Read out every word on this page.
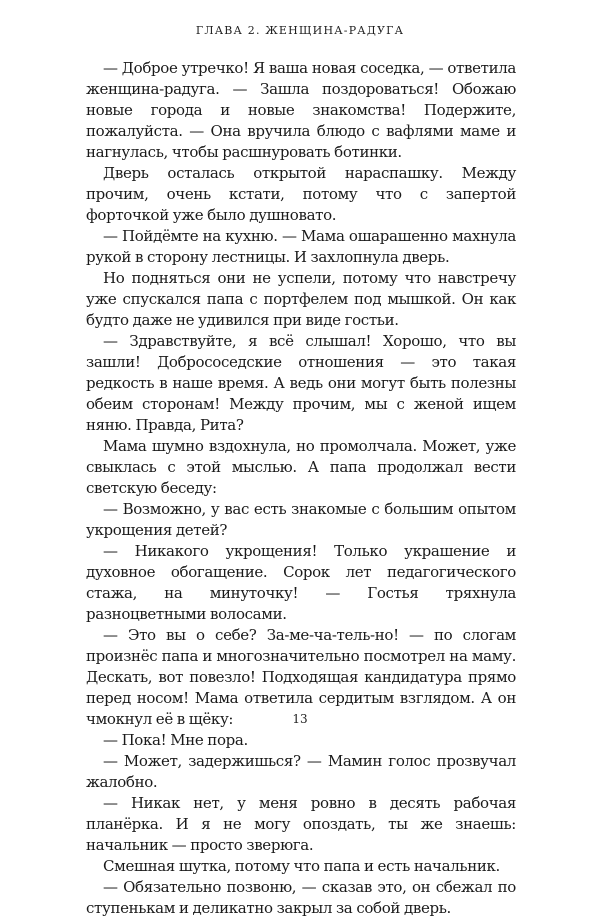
ГЛАВА 2. ЖЕНЩИНА-РАДУГА

— Доброе утречко! Я ваша новая соседка, — ответила женщина-радуга. — Зашла поздороваться! Обожаю новые города и новые знакомства! Подержите, пожалуйста. — Она вручила блюдо с вафлями маме и нагнулась, чтобы расшнуровать ботинки.

Дверь осталась открытой нараспашку. Между прочим, очень кстати, потому что с запертой форточкой уже было душновато.

— Пойдёмте на кухню. — Мама ошарашенно махнула рукой в сторону лестницы. И захлопнула дверь.

Но подняться они не успели, потому что навстречу уже спускался папа с портфелем под мышкой. Он как будто даже не удивился при виде гостьи.

— Здравствуйте, я всё слышал! Хорошо, что вы зашли! Добрососедские отношения — это такая редкость в наше время. А ведь они могут быть полезны обеим сторонам! Между прочим, мы с женой ищем няню. Правда, Рита?

Мама шумно вздохнула, но промолчала. Может, уже свыклась с этой мыслью. А папа продолжал вести светскую беседу:

— Возможно, у вас есть знакомые с большим опытом укрощения детей?

— Никакого укрощения! Только украшение и духовное обогащение. Сорок лет педагогического стажа, на минуточку! — Гостья тряхнула разноцветными волосами.

— Это вы о себе? За-ме-ча-тель-но! — по слогам произнёс папа и многозначительно посмотрел на маму. Дескать, вот повезло! Подходящая кандидатура прямо перед носом! Мама ответила сердитым взглядом. А он чмокнул её в щёку:

— Пока! Мне пора.

— Может, задержишься? — Мамин голос прозвучал жалобно.

— Никак нет, у меня ровно в десять рабочая планёрка. И я не могу опоздать, ты же знаешь: начальник — просто зверюга.

Смешная шутка, потому что папа и есть начальник.

— Обязательно позвоню, — сказав это, он сбежал по ступенькам и деликатно закрыл за собой дверь.

13
